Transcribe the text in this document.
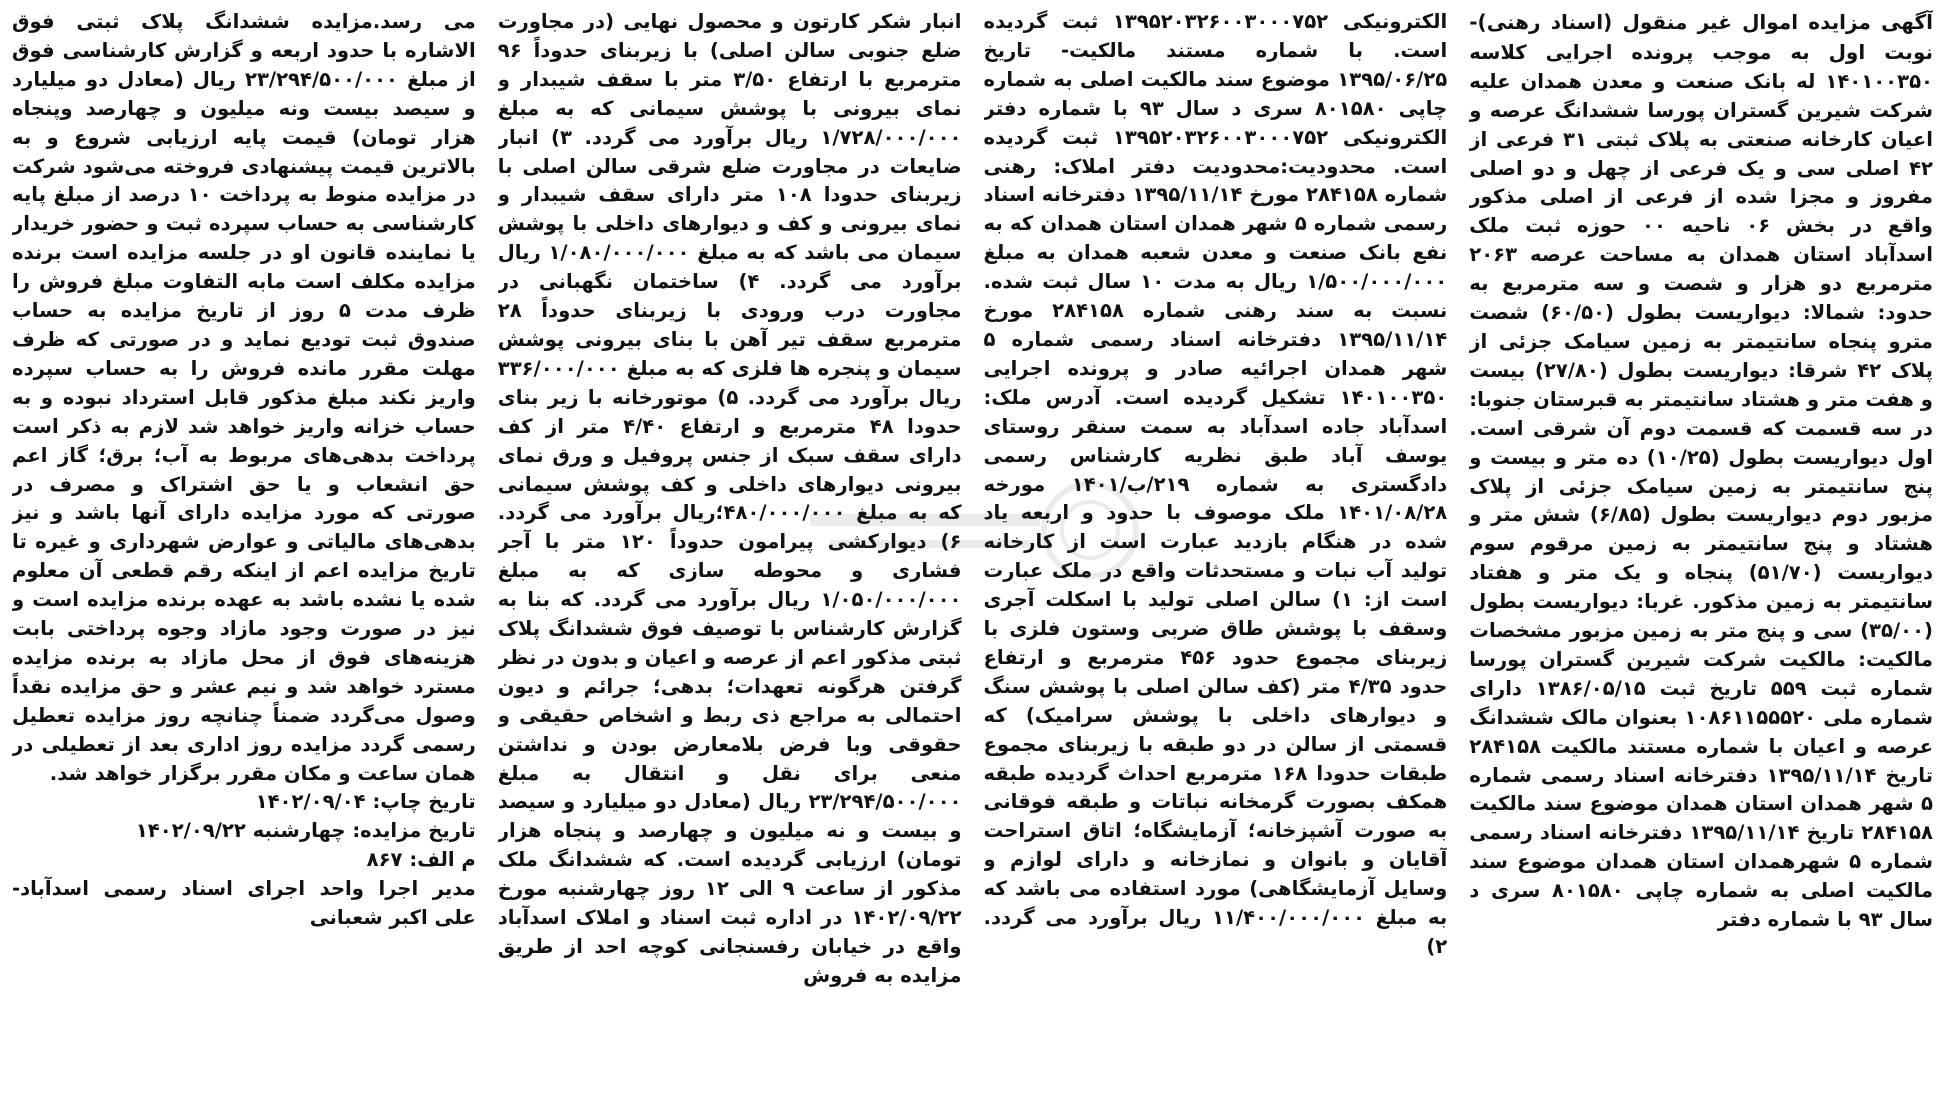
آگهی مزایده اموال غیر منقول (اسناد رهنی)- نوبت اول به موجب پرونده اجرایی کلاسه ۱۴۰۱۰۰۳۵۰ له بانک صنعت و معدن همدان علیه شرکت شیرین گستران پورسا ششدانگ عرصه و اعیان کارخانه صنعتی به پلاک ثبتی ۳۱ فرعی از ۴۲ اصلی سی و یک فرعی از چهل و دو اصلی مفروز و مجزا شده از فرعی از اصلی مذکور واقع در بخش ۰۶ ناحیه ۰۰ حوزه ثبت ملک اسدآباد استان همدان به مساحت عرصه ۲۰۶۳ مترمربع دو هزار و شصت و سه مترمربع به حدود: شمالا: دیواریست بطول (۶۰/۵۰) شصت مترو پنجاه سانتیمتر به زمین سیامک جزئی از پلاک ۴۲ شرقا: دیواریست بطول (۲۷/۸۰) بیست و هفت متر و هشتاد سانتیمتر به قبرستان جنوبا: در سه قسمت که قسمت دوم آن شرقی است. اول دیواریست بطول (۱۰/۲۵) ده متر و بیست و پنج سانتیمتر به زمین سیامک جزئی از پلاک مزبور دوم دیواریست بطول (۶/۸۵) شش متر و هشتاد و پنج سانتیمتر به زمین مرقوم سوم دیواریست (۵۱/۷۰) پنجاه و یک متر و هفتاد سانتیمتر به زمین مذکور. غربا: دیواریست بطول (۳۵/۰۰) سی و پنج متر به زمین مزبور مشخصات مالکیت: مالکیت شرکت شیرین گستران پورسا شماره ثبت ۵۵۹ تاریخ ثبت ۱۳۸۶/۰۵/۱۵ دارای شماره ملی ۱۰۸۶۱۱۵۵۵۲۰ بعنوان مالک ششدانگ عرصه و اعیان با شماره مستند مالکیت ۲۸۴۱۵۸ تاریخ ۱۳۹۵/۱۱/۱۴ دفترخانه اسناد رسمی شماره ۵ شهر همدان استان همدان موضوع سند مالکیت ۲۸۴۱۵۸ تاریخ ۱۳۹۵/۱۱/۱۴ دفترخانه اسناد رسمی شماره ۵ شهرهمدان استان همدان موضوع سند مالکیت اصلی به شماره چاپی ۸۰۱۵۸۰ سری د سال ۹۳ با شماره دفتر

الکترونیکی ۱۳۹۵۲۰۳۲۶۰۰۳۰۰۰۷۵۲ ثبت گردیده است. با شماره مستند مالکیت- تاریخ ۱۳۹۵/۰۶/۲۵ موضوع سند مالکیت اصلی به شماره چاپی ۸۰۱۵۸۰ سری د سال ۹۳ با شماره دفتر الکترونیکی ۱۳۹۵۲۰۳۲۶۰۰۳۰۰۰۷۵۲ ثبت گردیده است. محدودیت:محدودیت دفتر املاک: رهنی شماره ۲۸۴۱۵۸ مورخ ۱۳۹۵/۱۱/۱۴ دفترخانه اسناد رسمی شماره ۵ شهر همدان استان همدان که به نفع بانک صنعت و معدن شعبه همدان به مبلغ ۱/۵۰۰/۰۰۰/۰۰۰ ریال به مدت ۱۰ سال ثبت شده. نسبت به سند رهنی شماره ۲۸۴۱۵۸ مورخ ۱۳۹۵/۱۱/۱۴ دفترخانه اسناد رسمی شماره ۵ شهر همدان اجرائیه صادر و پرونده اجرایی ۱۴۰۱۰۰۳۵۰ تشکیل گردیده است. آدرس ملک: اسدآباد جاده اسدآباد به سمت سنقر روستای یوسف آباد طبق نظریه کارشناس رسمی دادگستری به شماره ۲۱۹/ب/۱۴۰۱ مورخه ۱۴۰۱/۰۸/۲۸ ملک موصوف با حدود و اربعه یاد شده در هنگام بازدید عبارت است از کارخانه تولید آب نبات و مستحدثات واقع در ملک عبارت است از: ۱) سالن اصلی تولید با اسکلت آجری وسقف با پوشش طاق ضربی وستون فلزی با زیربنای مجموع حدود ۴۵۶ مترمربع و ارتفاع حدود ۴/۳۵ متر (کف سالن اصلی با پوشش سنگ و دیوارهای داخلی با پوشش سرامیک) که قسمتی از سالن در دو طبقه با زیربنای مجموع طبقات حدودا ۱۶۸ مترمربع احداث گردیده طبقه همکف بصورت گرمخانه نباتات و طبقه فوقانی به صورت آشپزخانه؛ آزمایشگاه؛ اتاق استراحت آقایان و بانوان و نمازخانه و دارای لوازم و وسایل آزمایشگاهی) مورد استفاده می باشد که به مبلغ ۱۱/۴۰۰/۰۰۰/۰۰۰ ریال برآورد می گردد. ۲)

انبار شکر کارتون و محصول نهایی (در مجاورت ضلع جنوبی سالن اصلی) با زیربنای حدوداً ۹۶ مترمربع با ارتفاع ۳/۵۰ متر با سقف شیبدار و نمای بیرونی با پوشش سیمانی که به مبلغ ۱/۷۲۸/۰۰۰/۰۰۰ ریال برآورد می گردد. ۳) انبار ضایعات در مجاورت ضلع شرقی سالن اصلی با زیربنای حدودا ۱۰۸ متر دارای سقف شیبدار و نمای بیرونی و کف و دیوارهای داخلی با پوشش سیمان می باشد که به مبلغ ۱/۰۸۰/۰۰۰/۰۰۰ ریال برآورد می گردد. ۴) ساختمان نگهبانی در مجاورت درب ورودی با زیربنای حدوداً ۲۸ مترمربع سقف تیر آهن با بنای بیرونی پوشش سیمان و پنجره ها فلزی که به مبلغ ۳۳۶/۰۰۰/۰۰۰ ریال برآورد می گردد. ۵) موتورخانه با زیر بنای حدودا ۴۸ مترمربع و ارتفاع ۴/۴۰ متر از کف دارای سقف سبک از جنس پروفیل و ورق نمای بیرونی دیوارهای داخلی و کف پوشش سیمانی که به مبلغ ۴۸۰/۰۰۰/۰۰۰؛ریال برآورد می گردد. ۶) دیوارکشی پیرامون حدوداً ۱۲۰ متر با آجر فشاری و محوطه سازی که به مبلغ ۱/۰۵۰/۰۰۰/۰۰۰ ریال برآورد می گردد. که بنا به گزارش کارشناس با توصیف فوق ششدانگ پلاک ثبتی مذکور اعم از عرصه و اعیان و بدون در نظر گرفتن هرگونه تعهدات؛ بدهی؛ جرائم و دیون احتمالی به مراجع ذی ربط و اشخاص حقیقی و حقوقی وبا فرض بلامعارض بودن و نداشتن منعی برای نقل و انتقال به مبلغ ۲۳/۲۹۴/۵۰۰/۰۰۰ ریال (معادل دو میلیارد و سیصد و بیست و نه میلیون و چهارصد و پنجاه هزار تومان) ارزیابی گردیده است. که ششدانگ ملک مذکور از ساعت ۹ الی ۱۲ روز چهارشنبه مورخ ۱۴۰۲/۰۹/۲۲ در اداره ثبت اسناد و املاک اسدآباد واقع در خیابان رفسنجانی کوچه احد از طریق مزایده به فروش

می رسد.مزایده ششدانگ پلاک ثبتی فوق الاشاره با حدود اربعه و گزارش کارشناسی فوق از مبلغ ۲۳/۲۹۴/۵۰۰/۰۰۰ ریال (معادل دو میلیارد و سیصد بیست ونه میلیون و چهارصد وپنجاه هزار تومان) قیمت پایه ارزیابی شروع و به بالاترین قیمت پیشنهادی فروخته می‌شود شرکت در مزایده منوط به پرداخت ۱۰ درصد از مبلغ پایه کارشناسی به حساب سپرده ثبت و حضور خریدار یا نماینده قانون او در جلسه مزایده است برنده مزایده مکلف است مابه التفاوت مبلغ فروش را ظرف مدت ۵ روز از تاریخ مزایده به حساب صندوق ثبت توديع نماید و در صورتی که ظرف مهلت مقرر مانده فروش را به حساب سپرده واریز نکند مبلغ مذکور قابل استرداد نبوده و به حساب خزانه واریز خواهد شد لازم به ذکر است پرداخت بدهی‌های مربوط به آب؛ برق؛ گاز اعم حق انشعاب و یا حق اشتراک و مصرف در صورتی که مورد مزایده دارای آنها باشد و نیز بدهی‌های مالیاتی و عوارض شهرداری و غیره تا تاریخ مزایده اعم از اینکه رقم قطعی آن معلوم شده یا نشده باشد به عهده برنده مزایده است و نیز در صورت وجود مازاد وجوه پرداختی بابت هزینه‌های فوق از محل مازاد به برنده مزایده مسترد خواهد شد و نیم عشر و حق مزایده نقداً وصول می‌گردد ضمناً چنانچه روز مزایده تعطیل رسمی گردد مزایده روز اداری بعد از تعطیلی در همان ساعت و مکان مقرر برگزار خواهد شد.

تاریخ چاپ: ۱۴۰۲/۰۹/۰۴
تاریخ مزایده: چهارشنبه ۱۴۰۲/۰۹/۲۲
م الف: ۸۶۷
مدیر اجرا واحد اجرای اسناد رسمی اسدآباد- علی اکبر شعبانی
